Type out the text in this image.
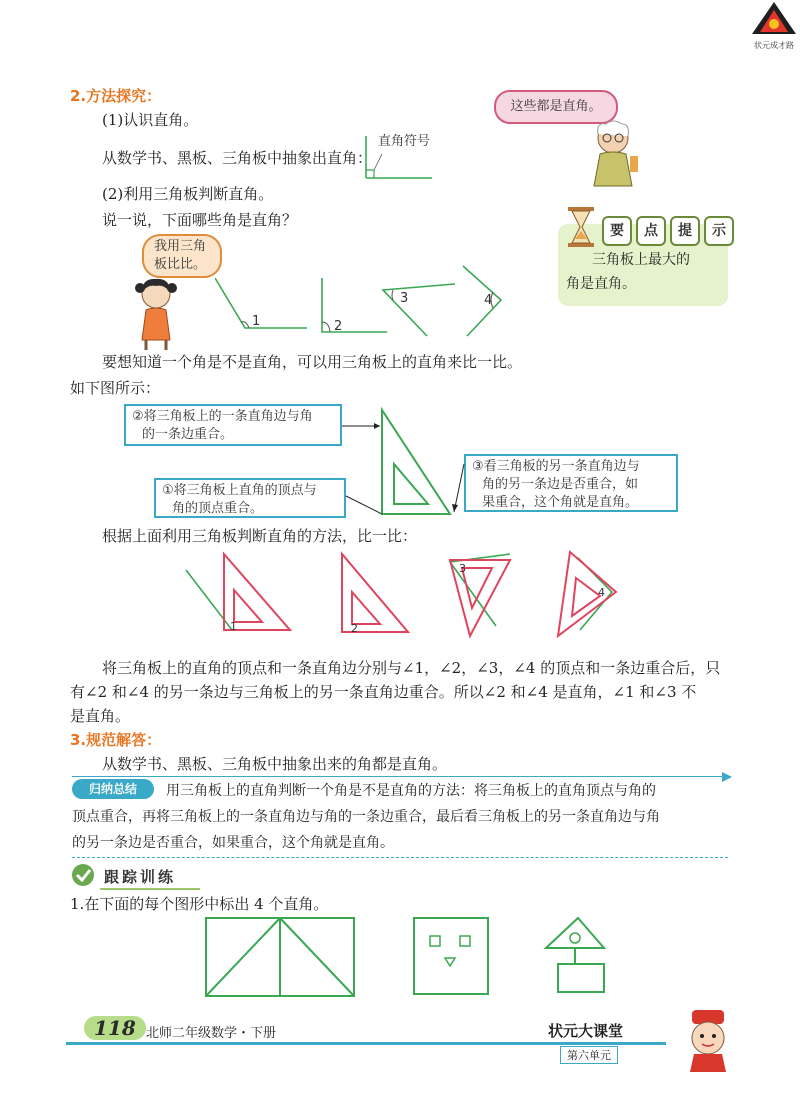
状元成才路
2.方法探究：
这些都是直角。
(1)认识直角。
从数学书、黑板、三角板中抽象出直角：
直角符号
(2)利用三角板判断直角。
说一说，下面哪些角是直角？
要	点	提	示
三角板上最大的
角是直角。
我用三角
板比比。
1	2
3	4
要想知道一个角是不是直角，可以用三角板上的直角来比一比。
如下图所示：
②将三角板上的一条直角边与角
的一条边重合。
①将三角板上直角的顶点与
角的顶点重合。
③看三角板的另一条直角边与
角的另一条边是否重合，如
果重合，这个角就是直角。
根据上面利用三角板判断直角的方法，比一比：
1	2
3
4
将三角板上的直角的顶点和一条直角边分别与∠1，∠2，∠3，∠4 的顶点和一条边重合后，只
有∠2 和∠4 的另一条边与三角板上的另一条直角边重合。所以∠2 和∠4 是直角，∠1 和∠3 不
是直角。
3.规范解答：
从数学书、黑板、三角板中抽象出来的角都是直角。
归纳总结	用三角板上的直角判断一个角是不是直角的方法：将三角板上的直角顶点与角的
顶点重合，再将三角板上的一条直角边与角的一条边重合，最后看三角板上的另一条直角边与角
的另一条边是否重合，如果重合，这个角就是直角。
跟踪训练
1.在下面的每个图形中标出 4 个直角。
118 北师二年级数学・下册	状元大课堂
第六单元
